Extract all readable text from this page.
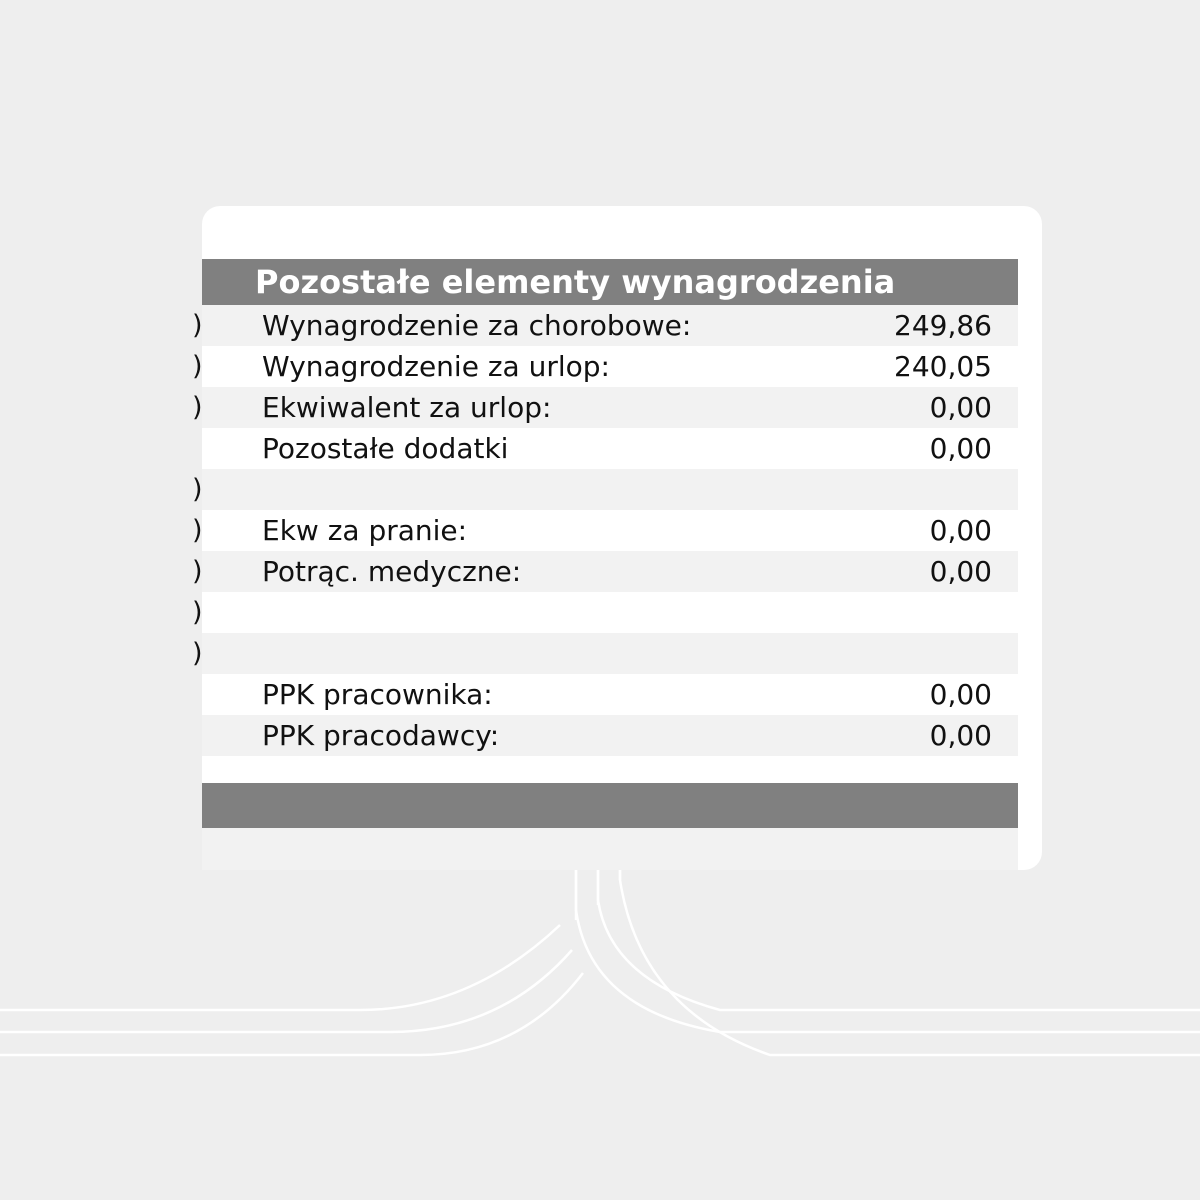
Pozostałe elementy wynagrodzenia
) Wynagrodzenie za chorobowe:	249,86
) Wynagrodzenie za urlop:	240,05
) Ekwiwalent za urlop:	0,00
Pozostałe dodatki	0,00
)
) Ekw za pranie:	0,00
) Potrąc. medyczne:	0,00
)
)
PPK pracownika:	0,00
PPK pracodawcy:	0,00
